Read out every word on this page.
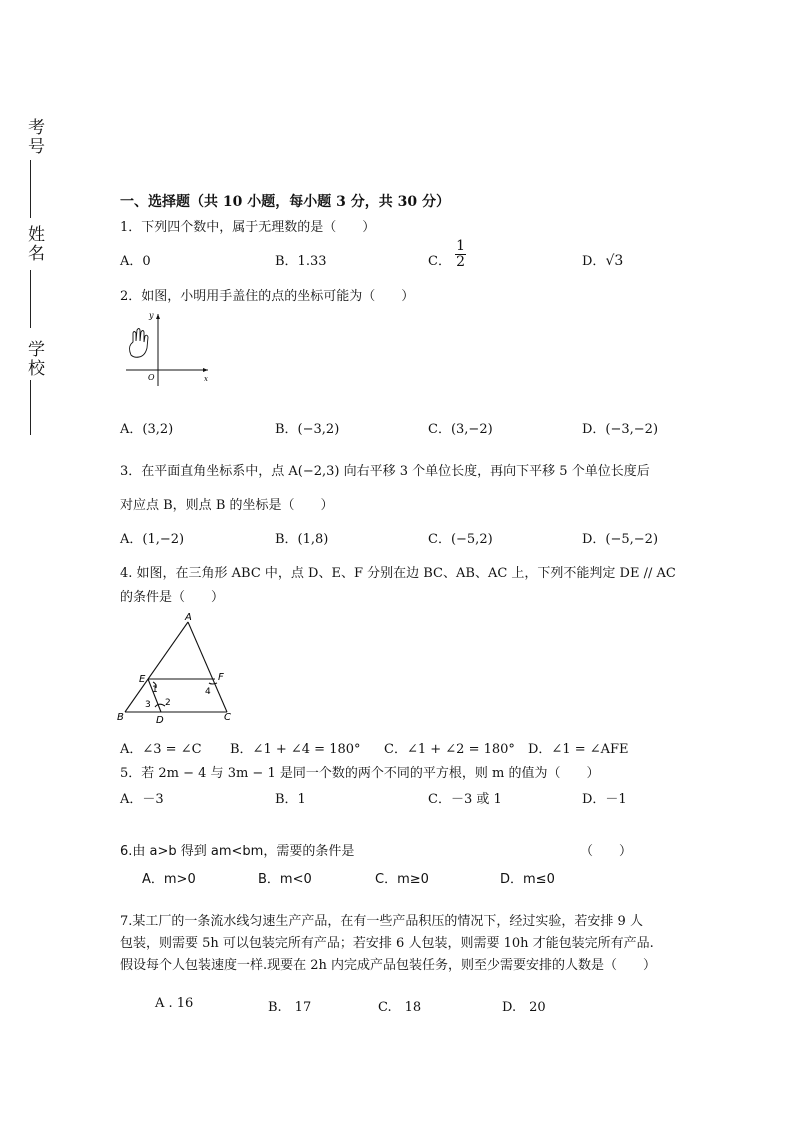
考号
姓名
学校
一、选择题（共 10 小题，每小题 3 分，共 30 分）
1．下列四个数中，属于无理数的是（　　）
A．0	B．1.33	C． $\frac{1}{2}$	D．√3
2．如图，小明用手盖住的点的坐标可能为（　　）
y
x
O
A．(3,2)	B．(−3,2)	C．(3,−2)	D．(−3,−2)
3．在平面直角坐标系中，点 A(−2,3) 向右平移 3 个单位长度，再向下平移 5 个单位长度后
对应点 B，则点 B 的坐标是（　　）
A．(1,−2)	B．(1,8)	C．(−5,2)	D．(−5,−2)
4. 如图，在三角形 ABC 中，点 D、E、F 分别在边 BC、AB、AC 上，下列不能判定 DE // AC
的条件是（　　）
A
B	C
D
E	F
1
2
3
4
A．∠3 = ∠C B．∠1 + ∠4 = 180° C．∠1 + ∠2 = 180° D．∠1 = ∠AFE
5．若 2m − 4 与 3m − 1 是同一个数的两个不同的平方根，则 m 的值为（　　）
A．－3	B．1	C．－3 或 1	D．－1
6.由 a>b 得到 am<bm，需要的条件是	（　　）
A．m>0	B．m<0	C．m≥0	D．m≤0
7.某工厂的一条流水线匀速生产产品，在有一些产品积压的情况下，经过实验，若安排 9 人
包装，则需要 5h 可以包装完所有产品；若安排 6 人包装，则需要 10h 才能包装完所有产品.
假设每个人包装速度一样.现要在 2h 内完成产品包装任务，则至少需要安排的人数是（　　）
A . 16	B.　17	C.　18	D.　20
